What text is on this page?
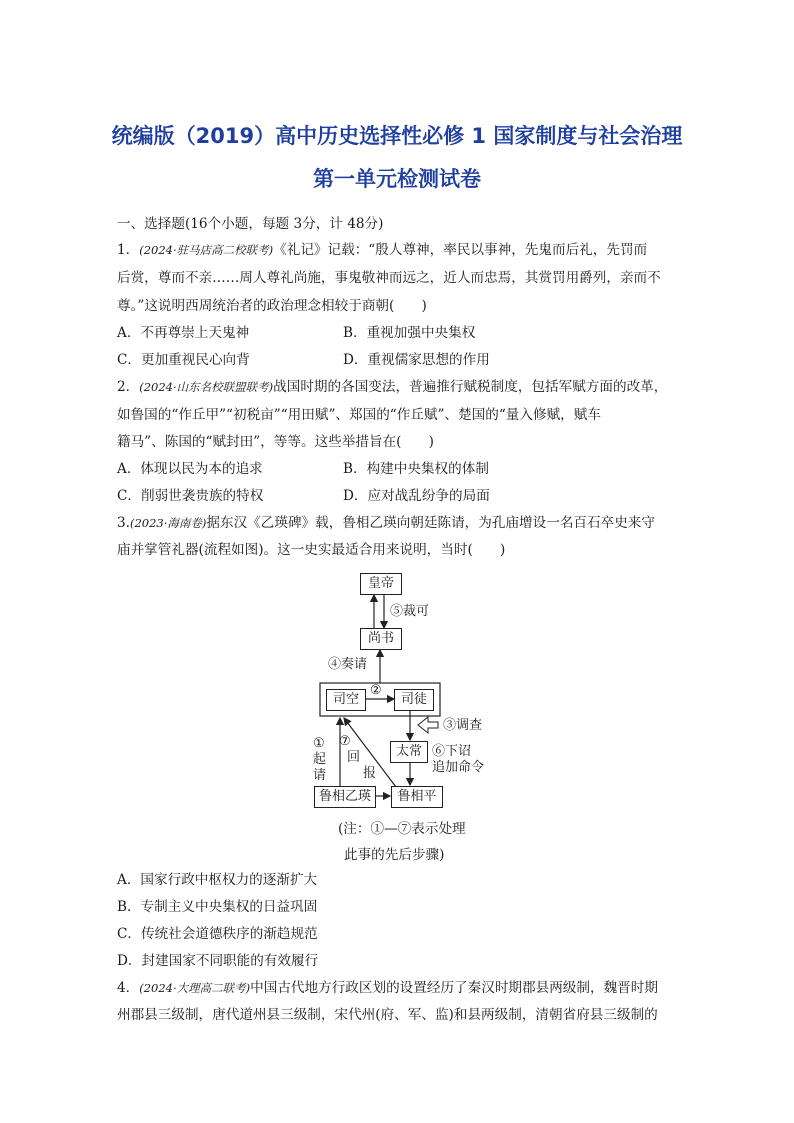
统编版（2019）高中历史选择性必修 1 国家制度与社会治理
第一单元检测试卷
一、选择题(16个小题，每题 3分，计 48分)
1．(2024·驻马店高二校联考)《礼记》记载：“殷人尊神，率民以事神，先鬼而后礼，先罚而
后赏，尊而不亲……周人尊礼尚施，事鬼敬神而远之，近人而忠焉，其赏罚用爵列，亲而不
尊。”这说明西周统治者的政治理念相较于商朝(　　)
A．不再尊崇上天鬼神	B．重视加强中央集权
C．更加重视民心向背	D．重视儒家思想的作用
2．(2024·山东名校联盟联考)战国时期的各国变法，普遍推行赋税制度，包括军赋方面的改革，
如鲁国的“作丘甲”“初税亩”“用田赋”、郑国的“作丘赋”、楚国的“量入修赋，赋车
籍马”、陈国的“赋封田”，等等。这些举措旨在(　　)
A．体现以民为本的追求	B．构建中央集权的体制
C．削弱世袭贵族的特权	D．应对战乱纷争的局面
3.(2023·海南卷)据东汉《乙瑛碑》载，鲁相乙瑛向朝廷陈请，为孔庙增设一名百石卒史来守
庙并掌管礼器(流程如图)。这一史实最适合用来说明，当时(　　)
皇帝
尚书
司空	司徒
太常
鲁相乙瑛	鲁相平
⑤裁可
④奏请
②
③调查
①
起
请
⑦
回
报
⑥下诏
追加命令
(注：①—⑦表示处理
此事的先后步骤)
A．国家行政中枢权力的逐渐扩大
B．专制主义中央集权的日益巩固
C．传统社会道德秩序的渐趋规范
D．封建国家不同职能的有效履行
4．(2024·大理高二联考)中国古代地方行政区划的设置经历了秦汉时期郡县两级制，魏晋时期
州郡县三级制，唐代道州县三级制，宋代州(府、军、监)和县两级制，清朝省府县三级制的
